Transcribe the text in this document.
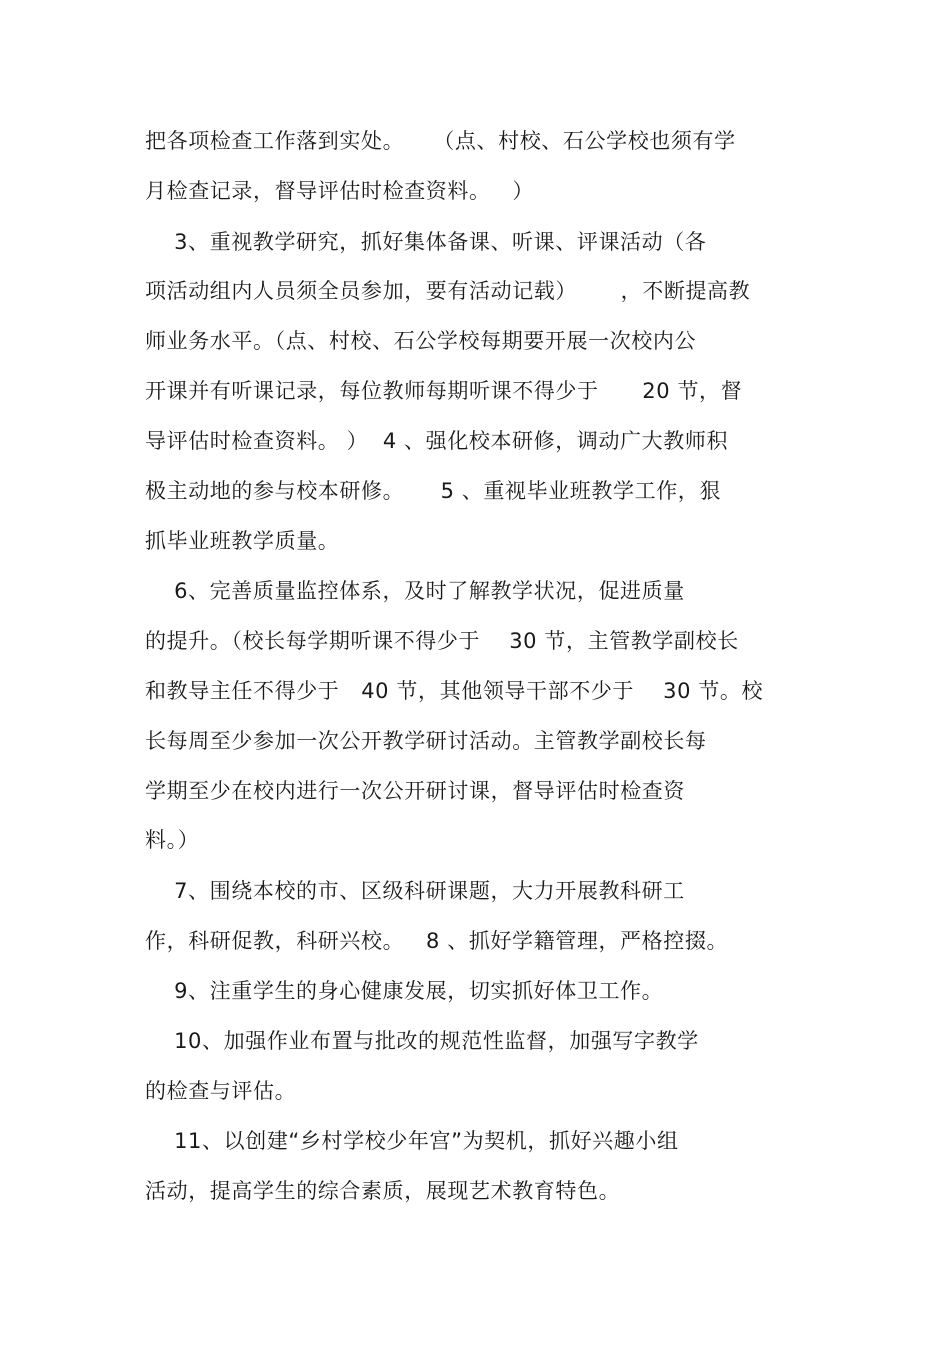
把各项检查工作落到实处。    （点、村校、石公学校也须有学
月检查记录，督导评估时检查资料。   ）
3、重视教学研究，抓好集体备课、听课、评课活动（各
项活动组内人员须全员参加，要有活动记载）      ，不断提高教
师业务水平。（点、村校、石公学校每期要开展一次校内公
开课并有听课记录，每位教师每期听课不得少于      20 节，督
导评估时检查资料。 ）  4 、强化校本研修，调动广大教师积
极主动地的参与校本研修。     5 、重视毕业班教学工作，狠
抓毕业班教学质量。
6、完善质量监控体系，及时了解教学状况，促进质量
的提升。（校长每学期听课不得少于    30 节，主管教学副校长
和教导主任不得少于   40 节，其他领导干部不少于    30 节。校
长每周至少参加一次公开教学研讨活动。主管教学副校长每
学期至少在校内进行一次公开研讨课，督导评估时检查资
料。）
7、围绕本校的市、区级科研课题，大力开展教科研工
作，科研促教，科研兴校。   8 、抓好学籍管理，严格控掇。
9、注重学生的身心健康发展，切实抓好体卫工作。
10、加强作业布置与批改的规范性监督，加强写字教学
的检查与评估。
11、以创建“乡村学校少年宫”为契机，抓好兴趣小组
活动，提高学生的综合素质，展现艺术教育特色。
